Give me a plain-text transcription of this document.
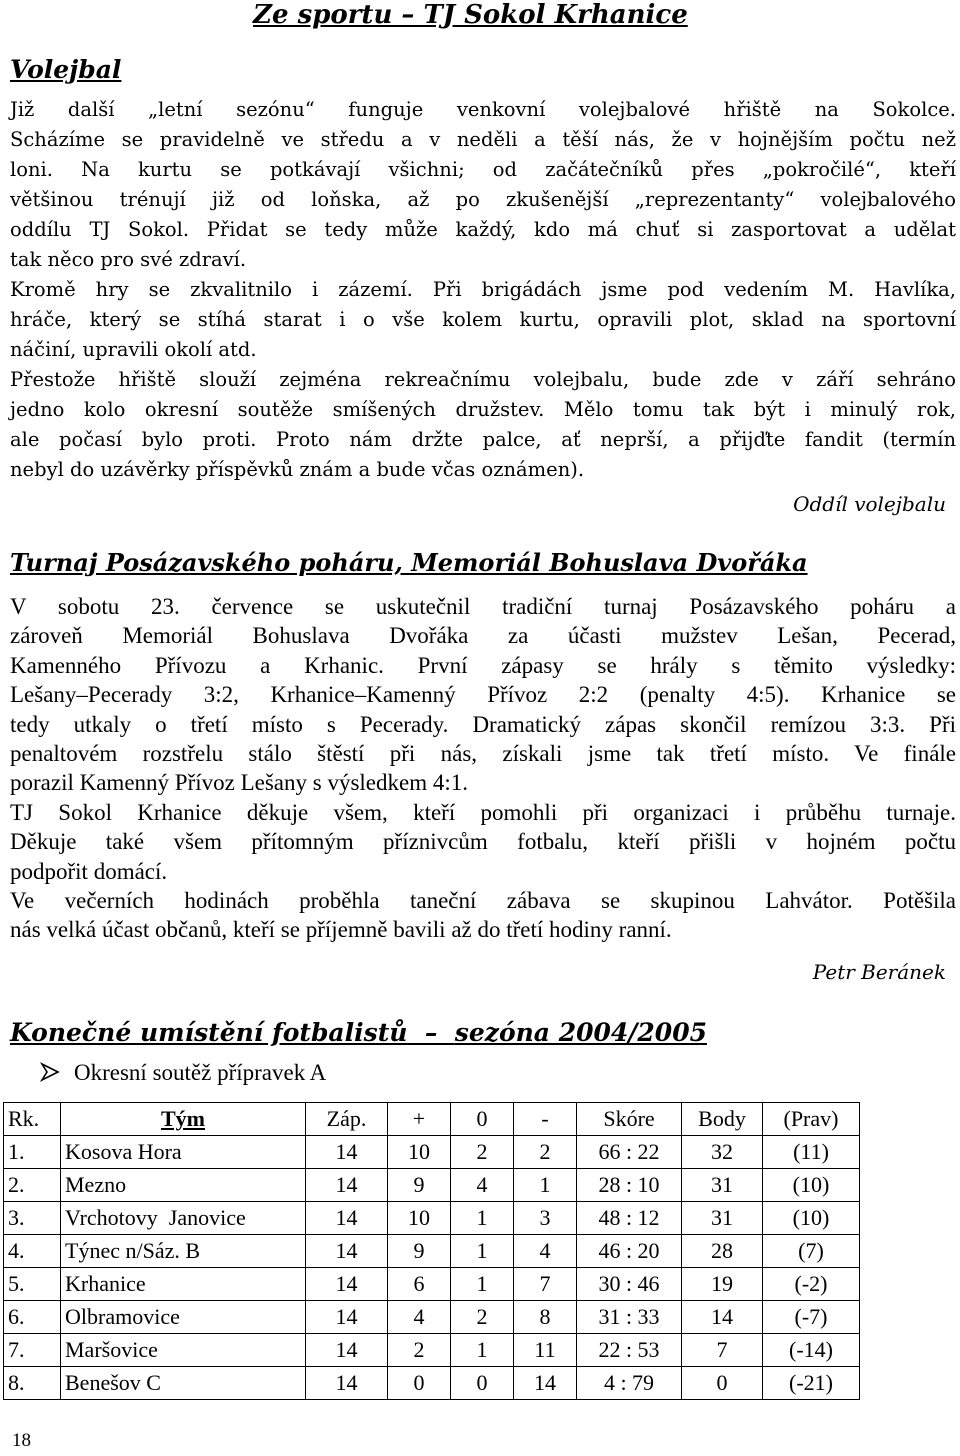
Ze sportu – TJ Sokol Krhanice
Volejbal
Již další „letní sezónu“ funguje venkovní volejbalové hřiště na Sokolce.
Scházíme se pravidelně ve středu a v neděli a těší nás, že v hojnějším počtu než
loni. Na kurtu se potkávají všichni; od začátečníků přes „pokročilé“, kteří
většinou trénují již od loňska, až po zkušenější „reprezentanty“ volejbalového
oddílu TJ Sokol. Přidat se tedy může každý, kdo má chuť si zasportovat a udělat
tak něco pro své zdraví.
Kromě hry se zkvalitnilo i zázemí. Při brigádách jsme pod vedením M. Havlíka,
hráče, který se stíhá starat i o vše kolem kurtu, opravili plot, sklad na sportovní
náčiní, upravili okolí atd.
Přestože hřiště slouží zejména rekreačnímu volejbalu, bude zde v září sehráno
jedno kolo okresní soutěže smíšených družstev. Mělo tomu tak být i minulý rok,
ale počasí bylo proti. Proto nám držte palce, ať neprší, a přijďte fandit (termín
nebyl do uzávěrky příspěvků znám a bude včas oznámen).
Oddíl volejbalu
Turnaj Posázavského poháru, Memoriál Bohuslava Dvořáka
V sobotu 23. července se uskutečnil tradiční turnaj Posázavského poháru a
zároveň Memoriál Bohuslava Dvořáka za účasti mužstev Lešan, Pecerad,
Kamenného Přívozu a Krhanic. První zápasy se hrály s těmito výsledky:
Lešany–Peceradу 3:2, Krhanice–Kamenný Přívoz 2:2 (penalty 4:5). Krhanice se
tedy utkaly o třetí místo s Pecerady. Dramatický zápas skončil remízou 3:3. Při
penaltovém rozstřelu stálo štěstí při nás, získali jsme tak třetí místo. Ve finále
porazil Kamenný Přívoz Lešany s výsledkem 4:1.
TJ Sokol Krhanice děkuje všem, kteří pomohli při organizaci i průběhu turnaje.
Děkuje také všem přítomným příznivcům fotbalu, kteří přišli v hojném počtu
podpořit domácí.
Ve večerních hodinách proběhla taneční zábava se skupinou Lahvátor. Potěšila
nás velká účast občanů, kteří se příjemně bavili až do třetí hodiny ranní.
Petr Beránek
Konečné umístění fotbalistů  –  sezóna 2004/2005
Okresní soutěž přípravek A
Rk.	Tým	Záp.	+	0	-	Skóre	Body	(Prav)
1.	Kosova Hora	14	10	2	2	66 : 22	32	(11)
2.	Mezno	14	9	4	1	28 : 10	31	(10)
3.	Vrchotovy  Janovice	14	10	1	3	48 : 12	31	(10)
4.	Týnec n/Sáz. B	14	9	1	4	46 : 20	28	(7)
5.	Krhanice	14	6	1	7	30 : 46	19	(-2)
6.	Olbramovice	14	4	2	8	31 : 33	14	(-7)
7.	Maršovice	14	2	1	11	22 : 53	7	(-14)
8.	Benešov C	14	0	0	14	4 : 79	0	(-21)
18
